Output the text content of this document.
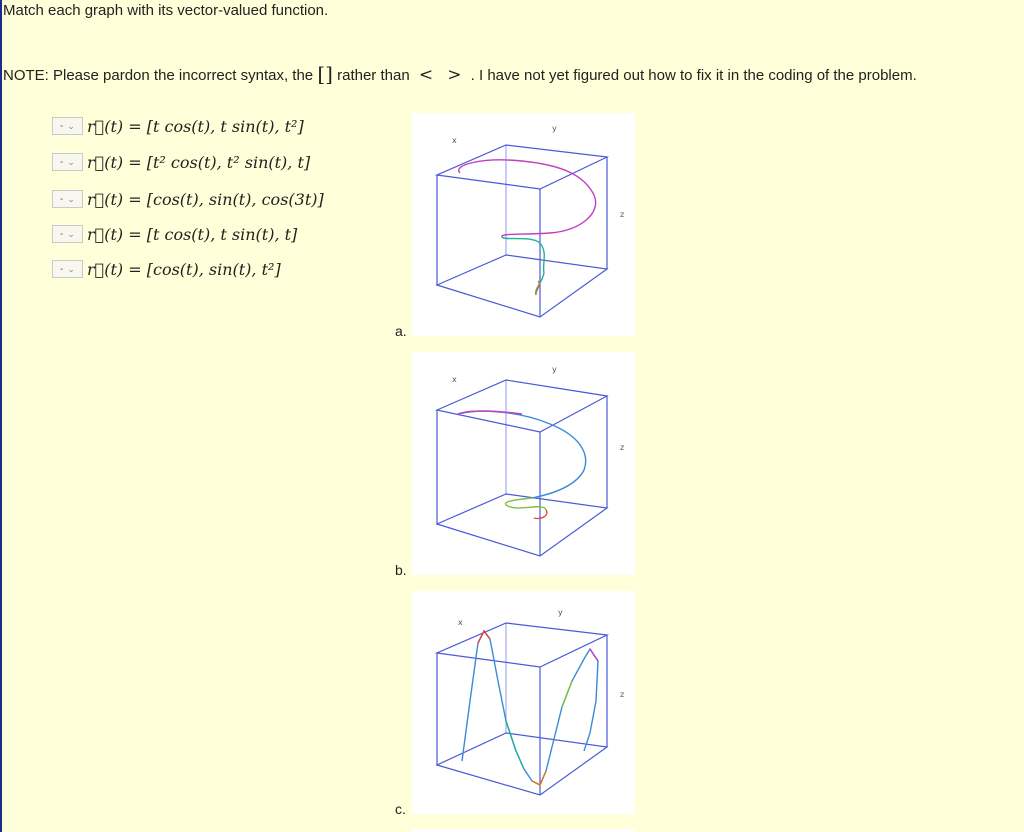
Match each graph with its vector-valued function.
NOTE: Please pardon the incorrect syntax, the [] rather than < > . I have not yet figured out how to fix it in the coding of the problem.
- ⌄ r⃗(t) = [t cos(t), t sin(t), t²]
- ⌄ r⃗(t) = [t² cos(t), t² sin(t), t]
- ⌄ r⃗(t) = [cos(t), sin(t), cos(3t)]
- ⌄ r⃗(t) = [t cos(t), t sin(t), t]
- ⌄ r⃗(t) = [cos(t), sin(t), t²]
x
y
z
a.
x
y
z
b.
x
y
z
c.
